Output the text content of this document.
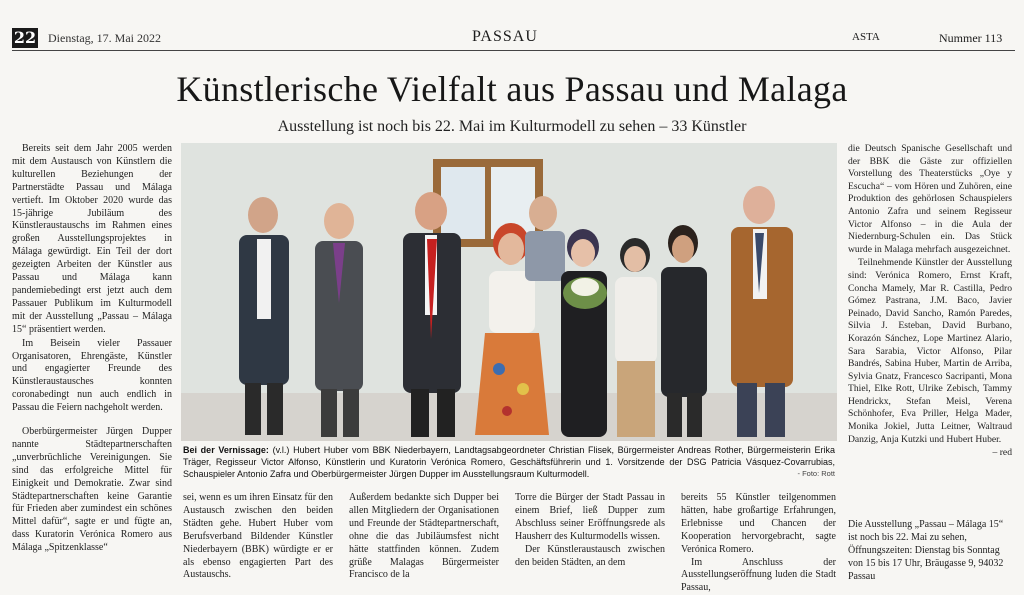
22 Dienstag, 17. Mai 2022	PASSAU	ASTA	Nummer 113
Künstlerische Vielfalt aus Passau und Malaga
Ausstellung ist noch bis 22. Mai im Kulturmodell zu sehen – 33 Künstler

Bereits seit dem Jahr 2005 werden mit dem Austausch von Künstlern die kulturellen Beziehungen der Partnerstädte Passau und Málaga vertieft. Im Oktober 2020 wurde das 15-jährige Jubiläum des Künstleraustauschs im Rahmen eines großen Ausstellungsprojektes in Málaga gewürdigt. Ein Teil der dort gezeigten Arbeiten der Künstler aus Passau und Málaga kann pandemiebedingt erst jetzt auch dem Passauer Publikum im Kulturmodell mit der Ausstellung „Passau – Málaga 15“ präsentiert werden.

Im Beisein vieler Passauer Organisatoren, Ehrengäste, Künstler und engagierter Freunde des Künstleraustausches konnten coronabedingt nun auch endlich in Passau die Feiern nachgeholt werden.

Oberbürgermeister Jürgen Dupper nannte Städtepartnerschaften „unverbrüchliche Vereinigungen. Sie sind das erfolgreiche Mittel für Einigkeit und Demokratie. Zwar sind Städtepartnerschaften keine Garantie für Frieden aber zumindest ein schönes Mittel dafür“, sagte er und fügte an, dass Kuratorin Verónica Romero aus Málaga „Spitzenklasse“

Bei der Vernissage: (v.l.) Hubert Huber vom BBK Niederbayern, Landtagsabgeordneter Christian Flisek, Bürgermeister Andreas Rother, Bürgermeisterin Erika Träger, Regisseur Victor Alfonso, Künstlerin und Kuratorin Verónica Romero, Geschäftsführerin und 1. Vorsitzende der DSG Patricia Vásquez-Covarrubias, Schauspieler Antonio Zafra und Oberbürgermeister Jürgen Dupper im Ausstellungsraum Kulturmodell.	- Foto: Rott

sei, wenn es um ihren Einsatz für den Austausch zwischen den beiden Städten gehe. Hubert Huber vom Berufsverband Bildender Künstler Niederbayern (BBK) würdigte er er als ebenso engagierten Part des Austauschs.

Außerdem bedankte sich Dupper bei allen Mitgliedern der Organisationen und Freunde der Städtepartnerschaft, ohne die das Jubiläumsfest nicht hätte stattfinden können. Zudem grüße Malagas Bürgermeister Francisco de la

Torre die Bürger der Stadt Passau in einem Brief, ließ Dupper zum Abschluss seiner Eröffnungsrede als Hausherr des Kulturmodells wissen.

Der Künstleraustausch zwischen den beiden Städten, an dem

bereits 55 Künstler teilgenommen hätten, habe großartige Erfahrungen, Erlebnisse und Chancen der Kooperation hervorgebracht, sagte Verónica Romero.

Im Anschluss der Ausstellungseröffnung luden die Stadt Passau,

die Deutsch Spanische Gesellschaft und der BBK die Gäste zur offiziellen Vorstellung des Theaterstücks „Oye y Escucha“ – vom Hören und Zuhören, eine Produktion des gehörlosen Schauspielers Antonio Zafra und seinem Regisseur Victor Alfonso – in die Aula der Niedernburg-Schulen ein. Das Stück wurde in Malaga mehrfach ausgezeichnet.

Teilnehmende Künstler der Ausstellung sind: Verónica Romero, Ernst Kraft, Concha Mamely, Mar R. Castilla, Pedro Gómez Pastrana, J.M. Baco, Javier Peinado, David Sancho, Ramón Paredes, Silvia J. Esteban, David Burbano, Korazón Sánchez, Lope Martinez Alario, Sara Sarabia, Victor Alfonso, Pilar Bandrés, Sabina Huber, Martin de Arriba, Sylvia Gnatz, Francesco Sacripanti, Mona Thiel, Elke Rott, Ulrike Zebisch, Tammy Hendrickx, Stefan Meisl, Verena Schönhofer, Eva Priller, Helga Mader, Monika Jokiel, Jutta Leitner, Waltraud Danzig, Anja Kutzki und Hubert Huber.

– red
Die Ausstellung „Passau – Málaga 15“ ist noch bis 22. Mai zu sehen, Öffnungszeiten: Dienstag bis Sonntag von 15 bis 17 Uhr, Bräugasse 9, 94032 Passau
